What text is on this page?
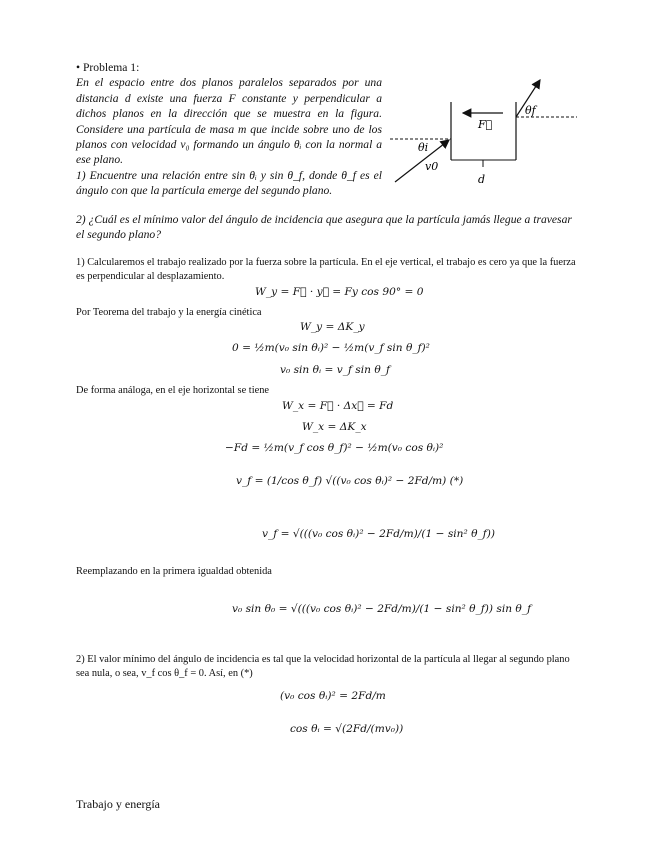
• Problema 1:

En el espacio entre dos planos paralelos separados por una distancia d existe una fuerza F constante y perpendicular a dichos planos en la dirección que se muestra en la figura. Considere una partícula de masa m que incide sobre uno de los planos con velocidad v₀ formando un ángulo θᵢ con la normal a ese plano.

1) Encuentre una relación entre sin θᵢ y sin θ_f, donde θ_f es el ángulo con que la partícula emerge del segundo plano.

2) ¿Cuál es el mínimo valor del ángulo de incidencia que asegura que la partícula jamás llegue a travesar el segundo plano?
F⃗
θf
θi
v0
d
1) Calcularemos el trabajo realizado por la fuerza sobre la partícula. En el eje vertical, el trabajo es cero ya que la fuerza es perpendicular al desplazamiento.
W_y = F⃗ · y⃗ = Fy cos 90° = 0
Por Teorema del trabajo y la energía cinética
W_y = ΔK_y
0 = ½m(v₀ sin θᵢ)² − ½m(v_f sin θ_f)²
v₀ sin θᵢ = v_f sin θ_f
De forma análoga, en el eje horizontal se tiene
W_x = F⃗ · Δx⃗ = Fd
W_x = ΔK_x
−Fd = ½m(v_f cos θ_f)² − ½m(v₀ cos θᵢ)²
v_f = (1/cos θ_f) √((v₀ cos θᵢ)² − 2Fd/m) (*)
v_f = √(((v₀ cos θᵢ)² − 2Fd/m)/(1 − sin² θ_f))
Reemplazando en la primera igualdad obtenida
v₀ sin θ₀ = √(((v₀ cos θᵢ)² − 2Fd/m)/(1 − sin² θ_f)) sin θ_f
2) El valor mínimo del ángulo de incidencia es tal que la velocidad horizontal de la partícula al llegar al segundo plano sea nula, o sea, v_f cos θ_f = 0. Así, en (*)
(v₀ cos θᵢ)² = 2Fd/m
cos θᵢ = √(2Fd/(mv₀))
Trabajo y energía
